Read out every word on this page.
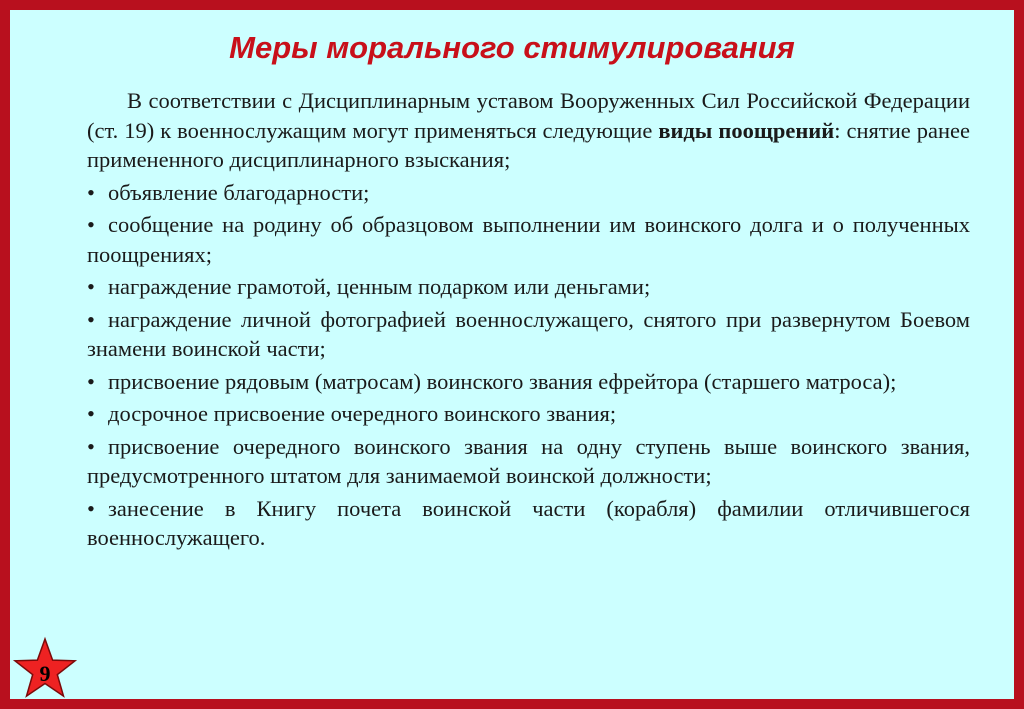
Меры морального стимулирования

В соответствии с Дисциплинарным уставом Вооруженных Сил Российской Федерации (ст. 19) к военнослужащим могут применяться следующие виды поощрений: снятие ранее примененного дисциплинарного взыскания;

• объявление благодарности;

• сообщение на родину об образцовом выполнении им воинского долга и о полученных поощрениях;

• награждение грамотой, ценным подарком или деньгами;

• награждение личной фотографией военнослужащего, снятого при развернутом Боевом знамени воинской части;

• присвоение рядовым (матросам) воинского звания ефрейтора (старшего матроса);

• досрочное присвоение очередного воинского звания;

• присвоение очередного воинского звания на одну ступень выше воинского звания, предусмотренного штатом для занимаемой воинской должности;

• занесение в Книгу почета воинской части (корабля) фамилии отличившегося военнослужащего.

9
